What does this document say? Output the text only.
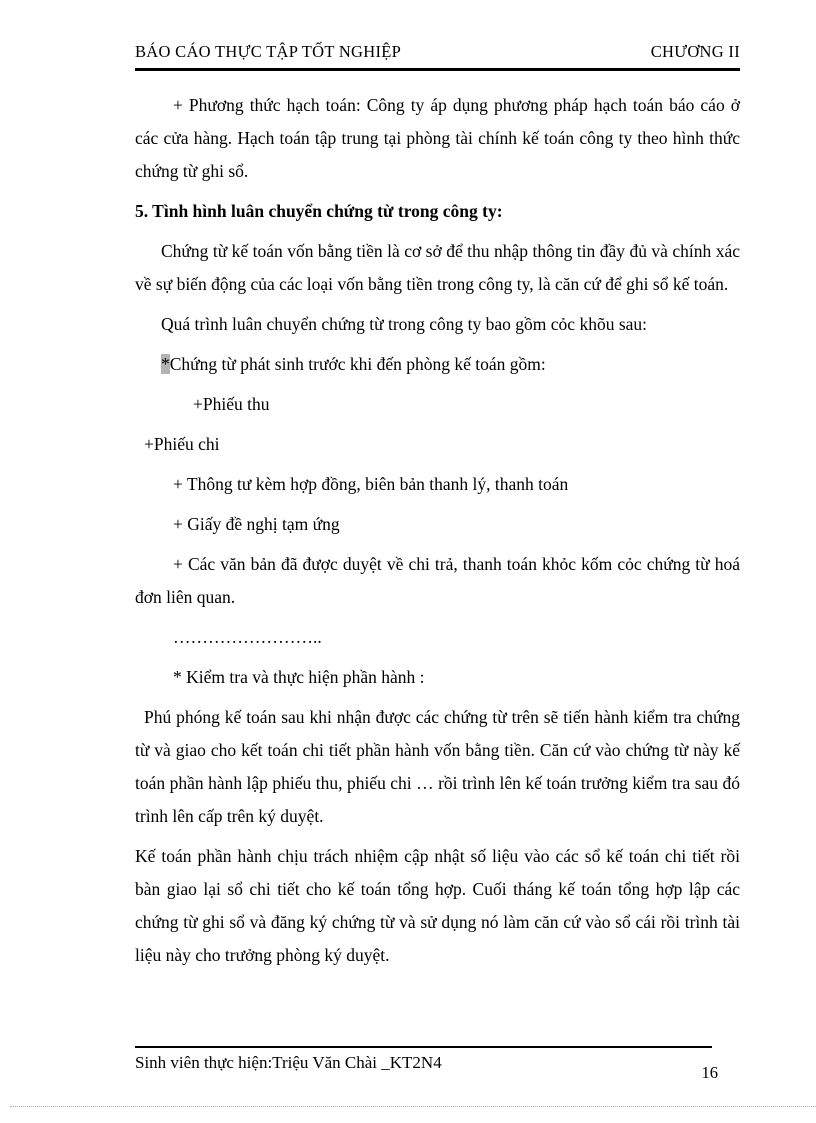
BÁO CÁO THỰC TẬP TỐT NGHIỆP	CHƯƠNG II

+ Phương thức hạch toán: Công ty áp dụng phương pháp hạch toán báo cáo ở các cửa hàng. Hạch toán tập trung tại phòng tài chính kế toán công ty theo hình thức chứng từ ghi sổ.

5. Tình hình luân chuyển chứng từ trong công ty:

Chứng từ kế toán vốn bằng tiền là cơ sở để thu nhập thông tin đầy đủ và chính xác về sự biến động của các loại vốn bằng tiền trong công ty, là căn cứ để ghi sổ kế toán.

Quá trình luân chuyển chứng từ trong công ty bao gồm cỏc khõu sau:

*Chứng từ phát sinh trước khi đến phòng kế toán gồm:

+Phiếu thu

+Phiếu chi

+ Thông tư kèm hợp đồng, biên bản thanh lý, thanh toán

+ Giấy đề nghị tạm ứng

+ Các văn bản đã được duyệt về chi trả, thanh toán khỏc kốm cỏc chứng từ hoá đơn liên quan.

……………………..

* Kiểm tra và thực hiện phần hành :

Phú phóng kế toán sau khi nhận được các chứng từ trên sẽ tiến hành kiểm tra chứng từ và giao cho kết toán chi tiết phần hành vốn bằng tiền. Căn cứ vào chứng từ này kế toán phần hành lập phiếu thu, phiếu chi … rồi trình lên kế toán trưởng kiểm tra sau đó trình lên cấp trên ký duyệt.

Kế toán phần hành chịu trách nhiệm cập nhật số liệu vào các sổ kế toán chi tiết rồi bàn giao lại sổ chi tiết cho kế toán tổng hợp. Cuối tháng kế toán tổng hợp lập các chứng từ ghi sổ và đăng ký chứng từ và sử dụng nó làm căn cứ vào sổ cái rồi trình tài liệu này cho trưởng phòng ký duyệt.

Sinh viên thực hiện:Triệu Văn Chài _KT2N4
16
